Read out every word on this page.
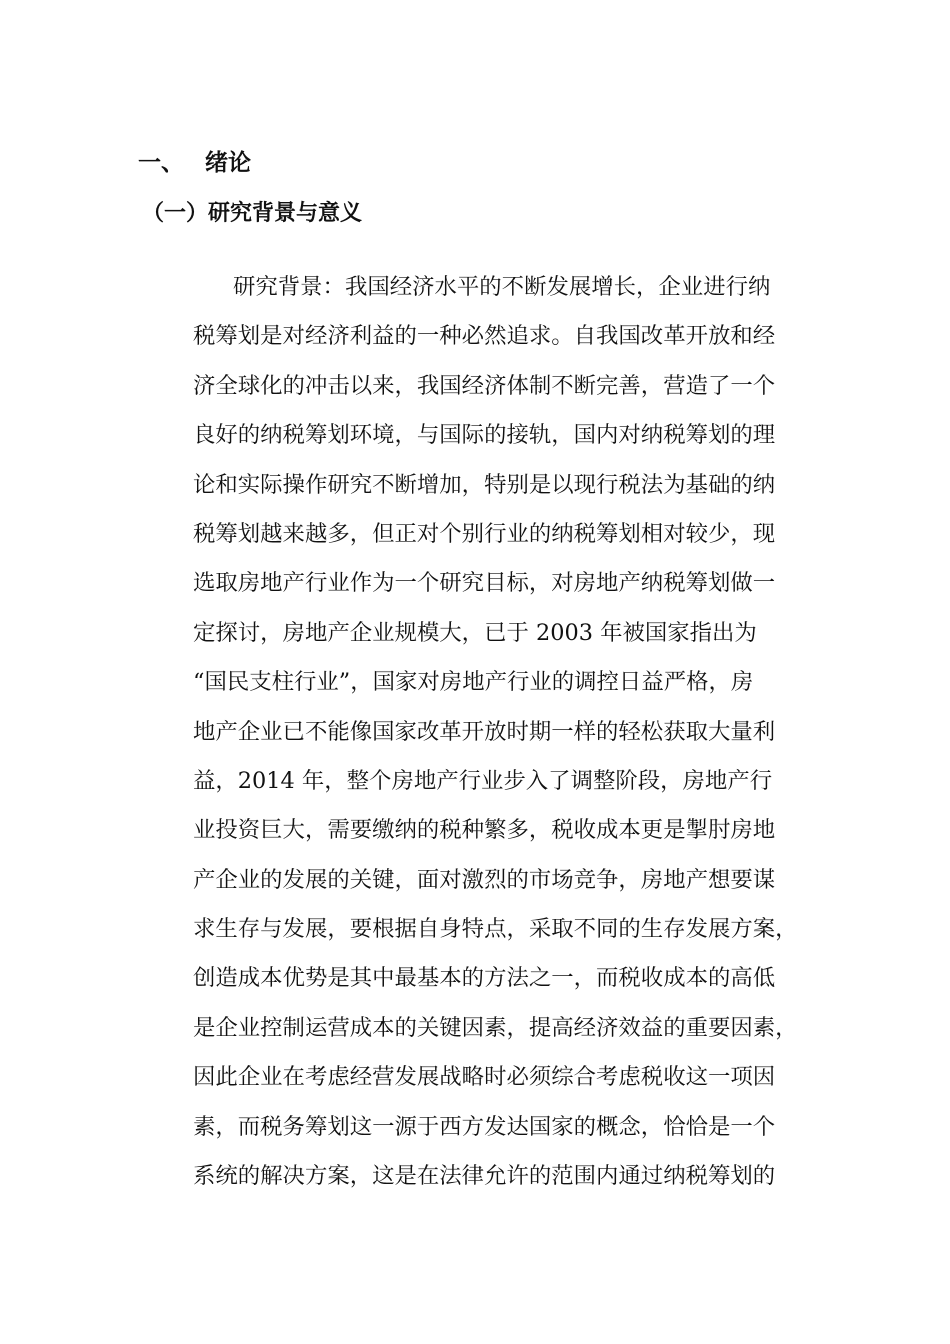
一、 绪论
（一）研究背景与意义
研究背景：我国经济水平的不断发展增长，企业进行纳
税筹划是对经济利益的一种必然追求。自我国改革开放和经
济全球化的冲击以来，我国经济体制不断完善，营造了一个
良好的纳税筹划环境，与国际的接轨，国内对纳税筹划的理
论和实际操作研究不断增加，特别是以现行税法为基础的纳
税筹划越来越多，但正对个别行业的纳税筹划相对较少，现
选取房地产行业作为一个研究目标，对房地产纳税筹划做一
定探讨，房地产企业规模大，已于 2003 年被国家指出为
“国民支柱行业”，国家对房地产行业的调控日益严格，房
地产企业已不能像国家改革开放时期一样的轻松获取大量利
益，2014 年，整个房地产行业步入了调整阶段，房地产行
业投资巨大，需要缴纳的税种繁多，税收成本更是掣肘房地
产企业的发展的关键，面对激烈的市场竞争，房地产想要谋
求生存与发展，要根据自身特点，采取不同的生存发展方案，
创造成本优势是其中最基本的方法之一，而税收成本的高低
是企业控制运营成本的关键因素，提高经济效益的重要因素，
因此企业在考虑经营发展战略时必须综合考虑税收这一项因
素，而税务筹划这一源于西方发达国家的概念，恰恰是一个
系统的解决方案，这是在法律允许的范围内通过纳税筹划的
